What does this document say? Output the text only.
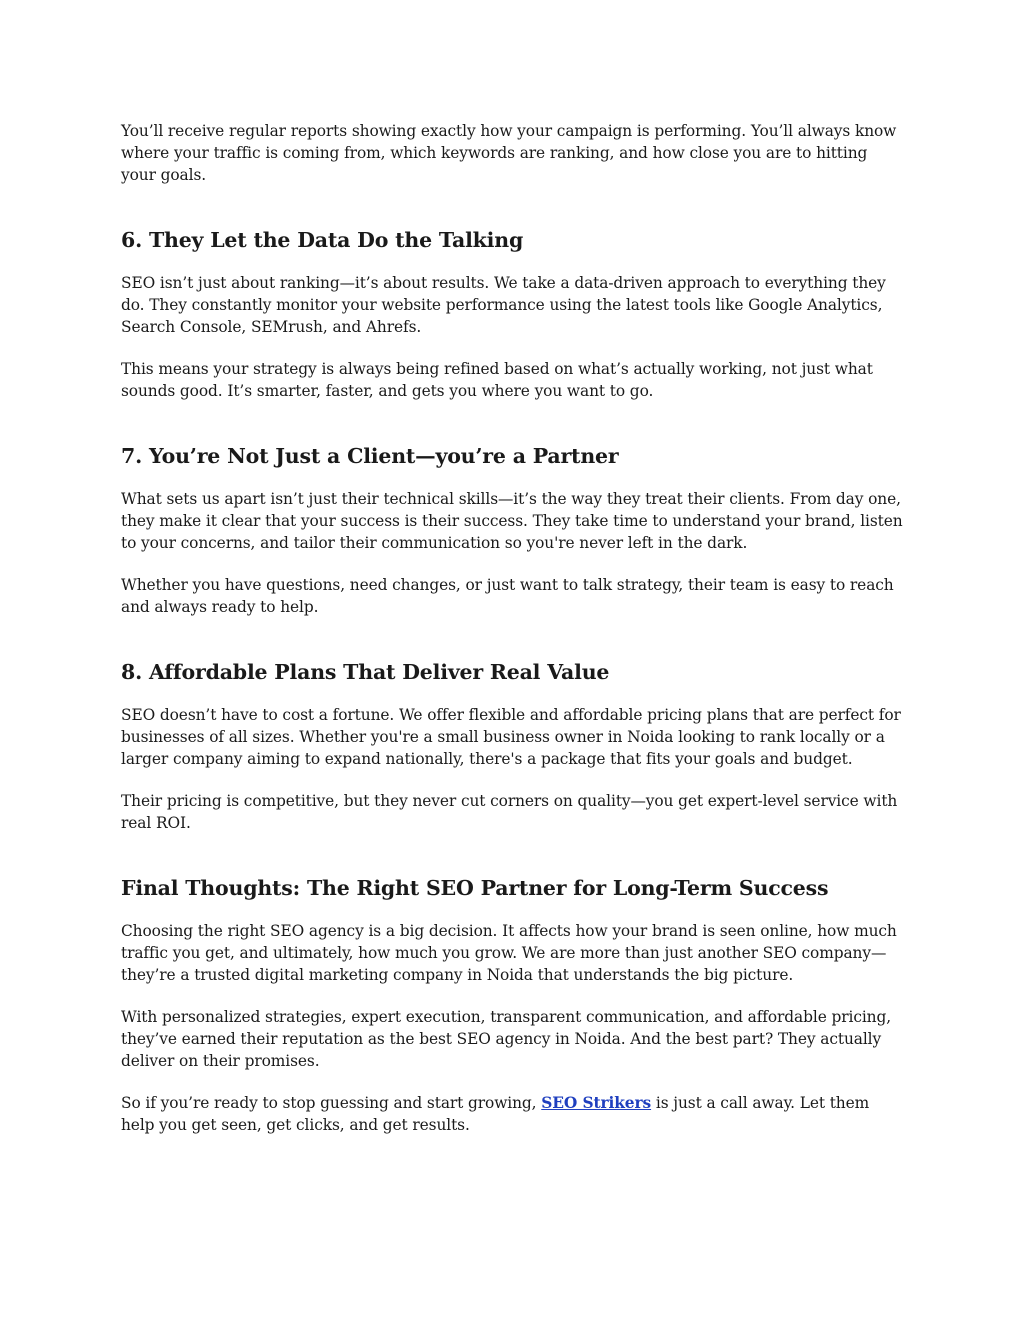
You’ll receive regular reports showing exactly how your campaign is performing. You’ll always know where your traffic is coming from, which keywords are ranking, and how close you are to hitting your goals.

6. They Let the Data Do the Talking

SEO isn’t just about ranking—it’s about results. We take a data-driven approach to everything they do. They constantly monitor your website performance using the latest tools like Google Analytics, Search Console, SEMrush, and Ahrefs.

This means your strategy is always being refined based on what’s actually working, not just what sounds good. It’s smarter, faster, and gets you where you want to go.

7. You’re Not Just a Client—you’re a Partner

What sets us apart isn’t just their technical skills—it’s the way they treat their clients. From day one, they make it clear that your success is their success. They take time to understand your brand, listen to your concerns, and tailor their communication so you're never left in the dark.

Whether you have questions, need changes, or just want to talk strategy, their team is easy to reach and always ready to help.

8. Affordable Plans That Deliver Real Value

SEO doesn’t have to cost a fortune. We offer flexible and affordable pricing plans that are perfect for businesses of all sizes. Whether you're a small business owner in Noida looking to rank locally or a larger company aiming to expand nationally, there's a package that fits your goals and budget.

Their pricing is competitive, but they never cut corners on quality—you get expert-level service with real ROI.

Final Thoughts: The Right SEO Partner for Long-Term Success

Choosing the right SEO agency is a big decision. It affects how your brand is seen online, how much traffic you get, and ultimately, how much you grow. We are more than just another SEO company—they’re a trusted digital marketing company in Noida that understands the big picture.

With personalized strategies, expert execution, transparent communication, and affordable pricing, they’ve earned their reputation as the best SEO agency in Noida. And the best part? They actually deliver on their promises.

So if you’re ready to stop guessing and start growing, SEO Strikers is just a call away. Let them help you get seen, get clicks, and get results.
